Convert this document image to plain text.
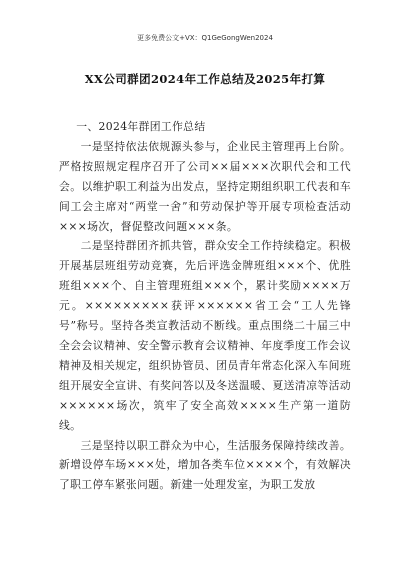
更多免费公文+VX：Q1GeGongWen2024
XX公司群团2024年工作总结及2025年打算

一、2024年群团工作总结

一是坚持依法依规源头参与，企业民主管理再上台阶。严格按照规定程序召开了公司××届×××次职代会和工代会。以维护职工利益为出发点，坚持定期组织职工代表和车间工会主席对“两堂一舍”和劳动保护等开展专项检查活动×××场次，督促整改问题×××条。

二是坚持群团齐抓共管，群众安全工作持续稳定。积极开展基层班组劳动竞赛，先后评选金牌班组×××个、优胜班组×××个、自主管理班组×××个，累计奖励××××万元。×××××××××获评××××××省工会“工人先锋号”称号。坚持各类宣教活动不断线。重点围绕二十届三中全会会议精神、安全警示教育会议精神、年度季度工作会议精神及相关规定，组织协管员、团员青年常态化深入车间班组开展安全宣讲、有奖问答以及冬送温暖、夏送清凉等活动××××××场次，筑牢了安全高效××××生产第一道防线。

三是坚持以职工群众为中心，生活服务保障持续改善。新增设停车场×××处，增加各类车位××××个，有效解决了职工停车紧张问题。新建一处理发室，为职工发放
